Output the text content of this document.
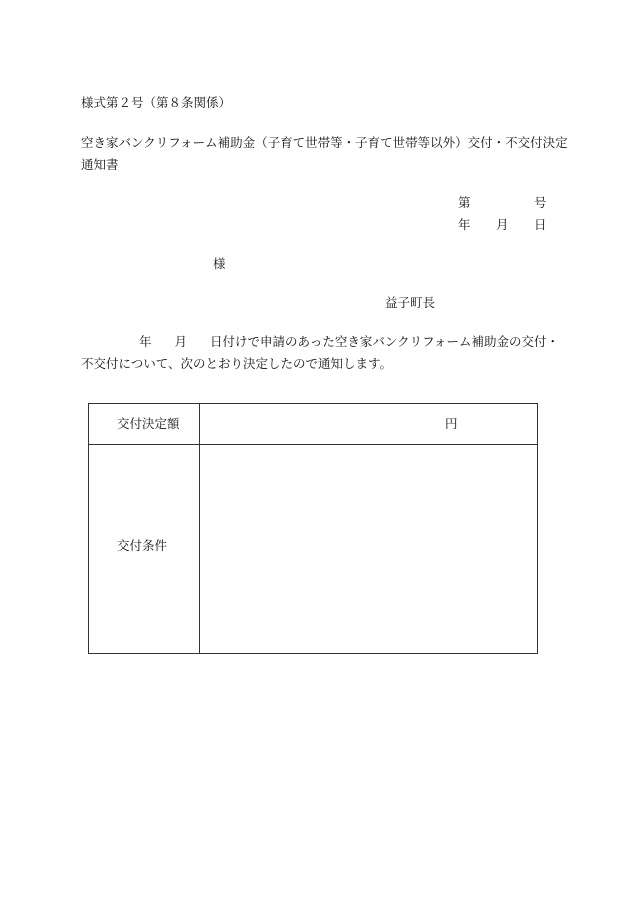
様式第２号（第８条関係）
空き家バンクリフォーム補助金（子育て世帯等・子育て世帯等以外）交付・不交付決定
通知書
第	号
年 月 日
様
益子町長
年 月 日付けで申請のあった空き家バンクリフォーム補助金の交付・
不交付について、次のとおり決定したので通知します。
交付決定額	円
交付条件
